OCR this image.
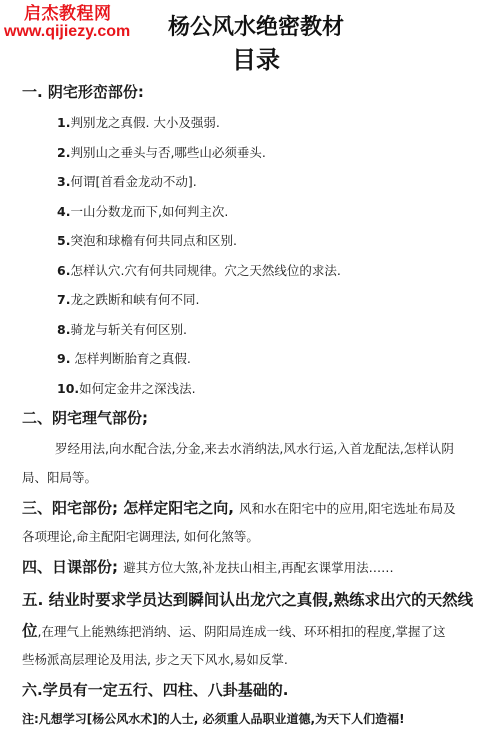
启杰教程网
www.qijiezy.com	杨公风水绝密教材
目录
一. 阴宅形峦部份:
1.判别龙之真假. 大小及强弱.
2.判别山之垂头与否,哪些山必须垂头.
3.何谓[首看金龙动不动].
4.一山分数龙而下,如何判主次.
5.突泡和球檐有何共同点和区别.
6.怎样认穴.穴有何共同规律。穴之天然线位的求法.
7.龙之跌断和峡有何不同.
8.骑龙与斩关有何区别.
9. 怎样判断胎育之真假.
10.如何定金井之深浅法.
二、阴宅理气部份;
罗经用法,向水配合法,分金,来去水消纳法,风水行运,入首龙配法,怎样认阴
局、阳局等。
三、阳宅部份; 怎样定阳宅之向, 风和水在阳宅中的应用,阳宅选址布局及
各项理论,命主配阳宅调理法, 如何化煞等。
四、日课部份; 避其方位大煞,补龙扶山相主,再配玄课掌用法……
五. 结业时要求学员达到瞬间认出龙穴之真假,熟练求出穴的天然线
位,在理气上能熟练把消纳、运、阴阳局连成一线、环环相扣的程度,掌握了这
些杨派高层理论及用法, 步之天下风水,易如反掌.
六.学员有一定五行、四柱、八卦基础的.
注:凡想学习[杨公风水术]的人士, 必须重人品职业道德,为天下人们造福!
